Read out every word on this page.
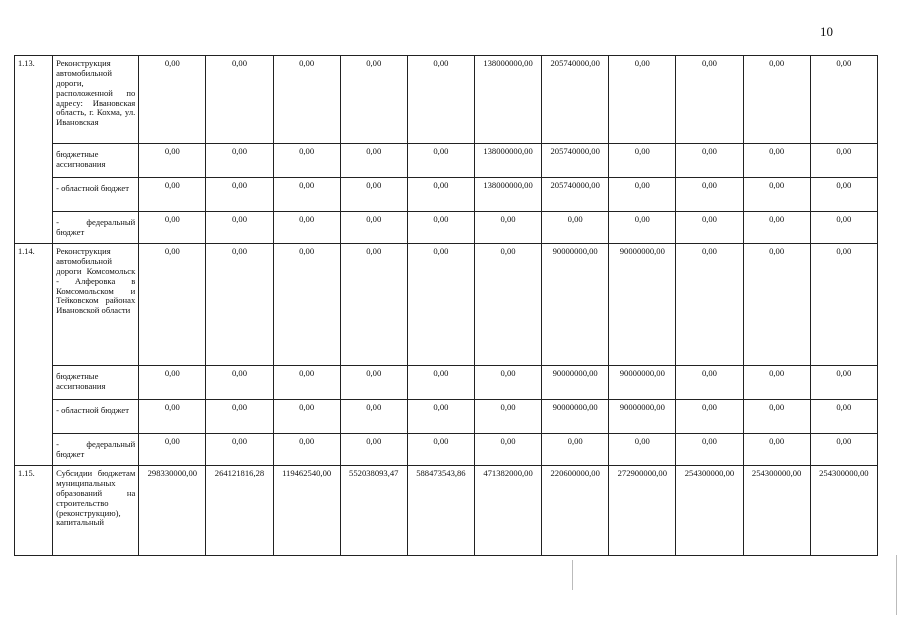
10
1.13.	Реконструкция автомобильной дороги, расположенной по адресу: Ивановская область, г. Кохма, ул. Ивановская	0,00	0,00	0,00	0,00	0,00	138000000,00	205740000,00	0,00	0,00	0,00	0,00
	бюджетные ассигнования	0,00	0,00	0,00	0,00	0,00	138000000,00	205740000,00	0,00	0,00	0,00	0,00
	- областной бюджет	0,00	0,00	0,00	0,00	0,00	138000000,00	205740000,00	0,00	0,00	0,00	0,00
	- федеральный бюджет	0,00	0,00	0,00	0,00	0,00	0,00	0,00	0,00	0,00	0,00	0,00
1.14.	Реконструкция автомобильной дороги Комсомольск - Алферовка в Комсомольском и Тейковском районах Ивановской области	0,00	0,00	0,00	0,00	0,00	0,00	90000000,00	90000000,00	0,00	0,00	0,00
	бюджетные ассигнования	0,00	0,00	0,00	0,00	0,00	0,00	90000000,00	90000000,00	0,00	0,00	0,00
	- областной бюджет	0,00	0,00	0,00	0,00	0,00	0,00	90000000,00	90000000,00	0,00	0,00	0,00
	- федеральный бюджет	0,00	0,00	0,00	0,00	0,00	0,00	0,00	0,00	0,00	0,00	0,00
1.15.	Субсидии бюджетам муниципальных образований на строительство (реконструкцию), капитальный	298330000,00	264121816,28	119462540,00	552038093,47	588473543,86	471382000,00	220600000,00	272900000,00	254300000,00	254300000,00	254300000,00
